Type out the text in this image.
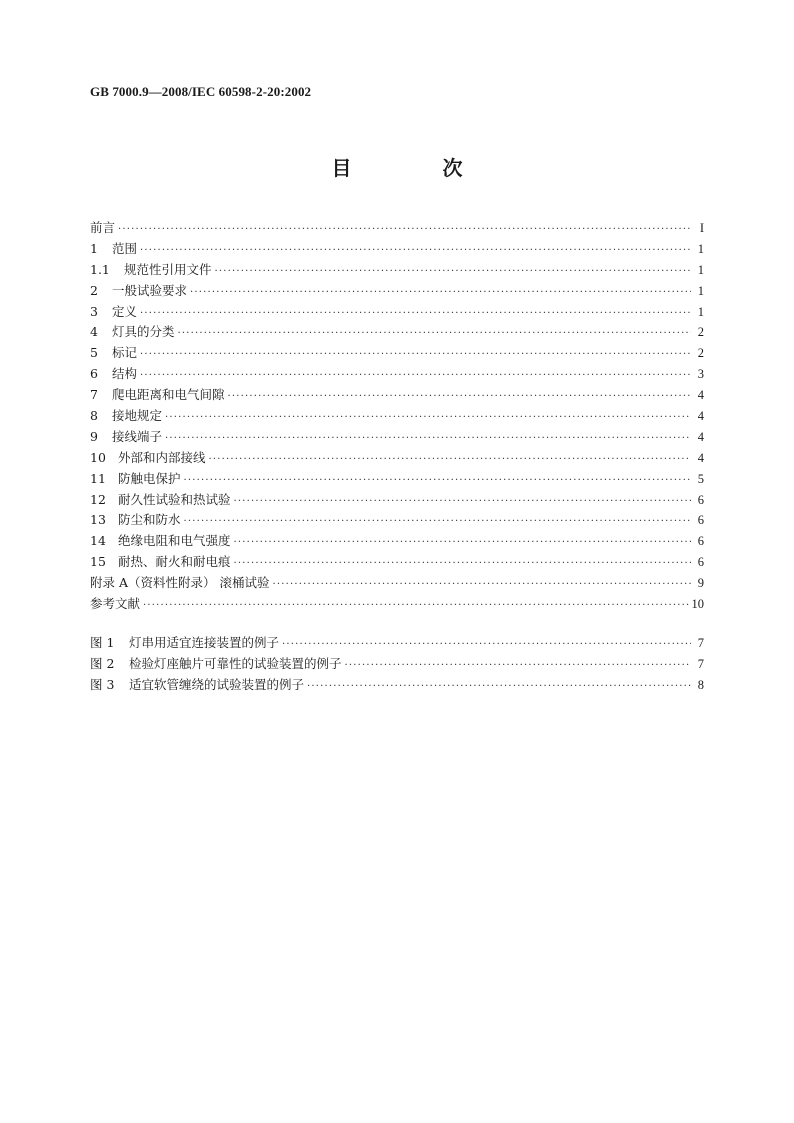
GB 7000.9—2008/IEC 60598-2-20:2002
目 次
前言 ·····	I
1	范围 ·····	1
1.1	规范性引用文件 ·····	1
2	一般试验要求 ·····	1
3	定义 ·····	1
4	灯具的分类 ·····	2
5	标记 ·····	2
6	结构 ·····	3
7	爬电距离和电气间隙 ·····	4
8	接地规定 ·····	4
9	接线端子 ·····	4
10 外部和内部接线 ·····	4
11 防触电保护 ·····	5
12 耐久性试验和热试验 ·····	6
13 防尘和防水 ·····	6
14 绝缘电阻和电气强度 ·····	6
15 耐热、耐火和耐电痕 ·····	6
附录 A（资料性附录） 滚桶试验 ·····	9
参考文献 ·····	10
图 1	灯串用适宜连接装置的例子 ·····	7
图 2	检验灯座触片可靠性的试验装置的例子 ·····	7
图 3	适宜软管缠绕的试验装置的例子 ·····	8
